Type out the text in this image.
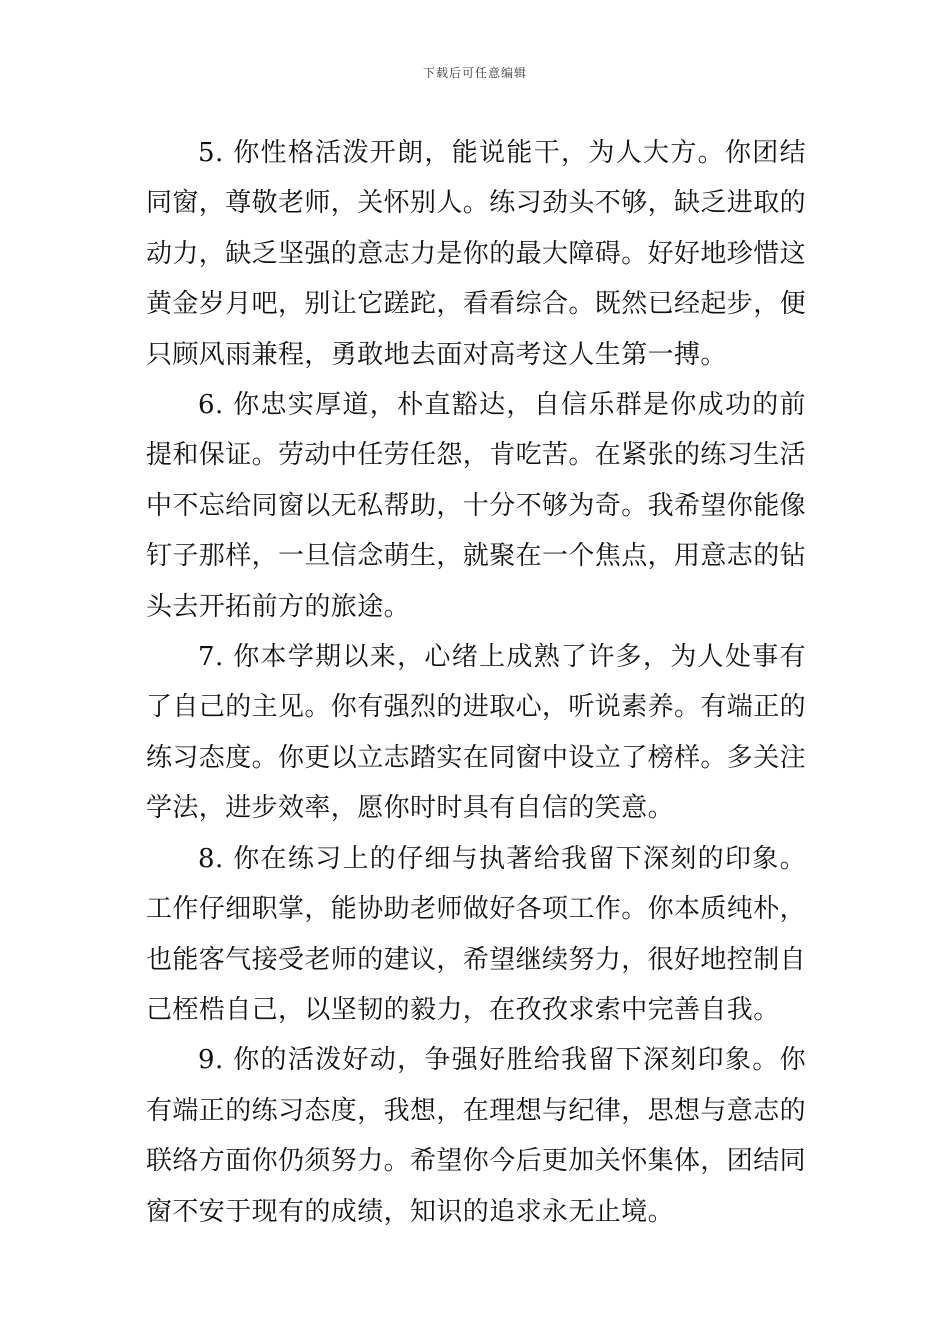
下载后可任意编辑

5. 你性格活泼开朗，能说能干，为人大方。你团结同窗，尊敬老师，关怀别人。练习劲头不够，缺乏进取的动力，缺乏坚强的意志力是你的最大障碍。好好地珍惜这黄金岁月吧，别让它蹉跎，看看综合。既然已经起步，便只顾风雨兼程，勇敢地去面对高考这人生第一搏。

6. 你忠实厚道，朴直豁达，自信乐群是你成功的前提和保证。劳动中任劳任怨，肯吃苦。在紧张的练习生活中不忘给同窗以无私帮助，十分不够为奇。我希望你能像钉子那样，一旦信念萌生，就聚在一个焦点，用意志的钻头去开拓前方的旅途。

7. 你本学期以来，心绪上成熟了许多，为人处事有了自己的主见。你有强烈的进取心，听说素养。有端正的练习态度。你更以立志踏实在同窗中设立了榜样。多关注学法，进步效率，愿你时时具有自信的笑意。

8. 你在练习上的仔细与执著给我留下深刻的印象。工作仔细职掌，能协助老师做好各项工作。你本质纯朴，也能客气接受老师的建议，希望继续努力，很好地控制自己桎梏自己，以坚韧的毅力，在孜孜求索中完善自我。

9. 你的活泼好动，争强好胜给我留下深刻印象。你有端正的练习态度，我想，在理想与纪律，思想与意志的联络方面你仍须努力。希望你今后更加关怀集体，团结同窗不安于现有的成绩，知识的追求永无止境。
